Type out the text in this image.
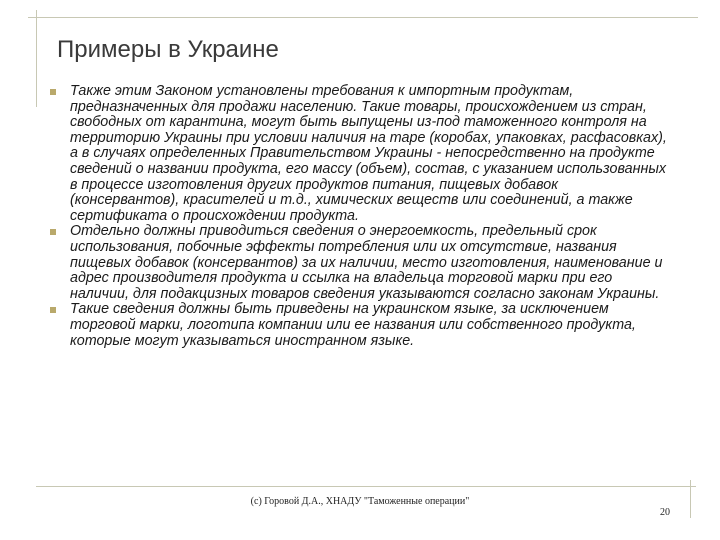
Примеры в Украине
Также этим Законом установлены требования к импортным продуктам, предназначенных для продажи населению. Такие товары, происхождением из стран, свободных от карантина, могут быть выпущены из-под таможенного контроля на территорию Украины при условии наличия на таре (коробах, упаковках, расфасовках), а в случаях определенных Правительством Украины - непосредственно на продукте сведений о названии продукта, его массу (объем), состав, с указанием использованных в процессе изготовления других продуктов питания, пищевых добавок (консервантов), красителей и т.д., химических веществ или соединений, а также сертификата о происхождении продукта.
Отдельно должны приводиться сведения о энергоемкость, предельный срок использования, побочные эффекты потребления или их отсутствие, названия пищевых добавок (консервантов) за их наличии, место изготовления, наименование и адрес производителя продукта и ссылка на владельца торговой марки при его наличии, для подакцизных товаров сведения указываются согласно законам Украины.
Такие сведения должны быть приведены на украинском языке, за исключением торговой марки, логотипа компании или ее названия или собственного продукта, которые могут указываться иностранном языке.
(с) Горовой Д.А., ХНАДУ "Таможенные операции"
20
